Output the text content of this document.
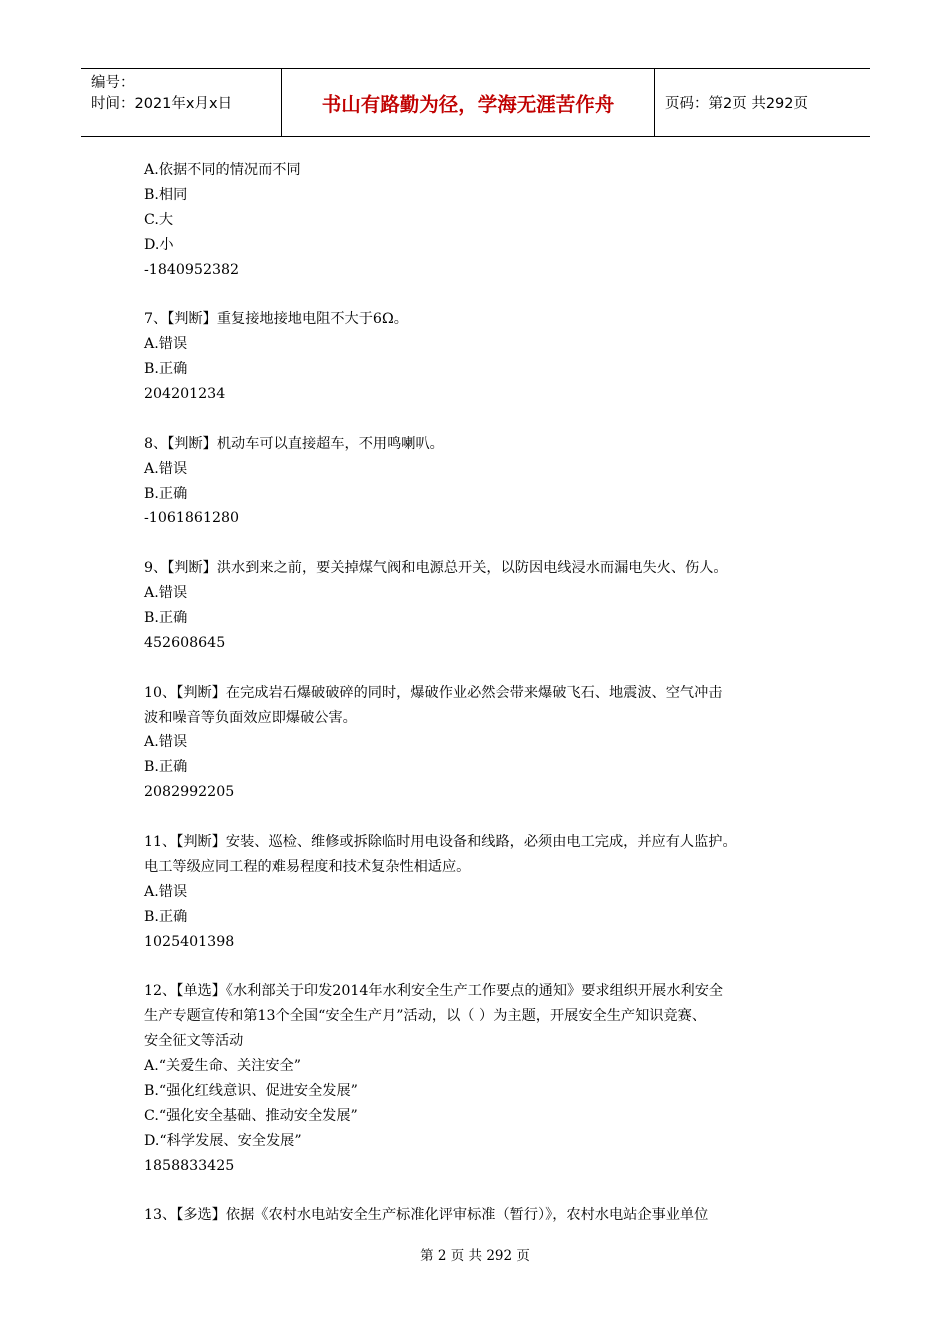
编号：
时间：2021年x月x日	书山有路勤为径，学海无涯苦作舟	页码：第2页 共292页
A.依据不同的情况而不同
B.相同
C.大
D.小
-1840952382
7、【判断】重复接地接地电阻不大于6Ω。
A.错误
B.正确
204201234
8、【判断】机动车可以直接超车，不用鸣喇叭。
A.错误
B.正确
-1061861280
9、【判断】洪水到来之前，要关掉煤气阀和电源总开关，以防因电线浸水而漏电失火、伤人。
A.错误
B.正确
452608645
10、【判断】在完成岩石爆破破碎的同时，爆破作业必然会带来爆破飞石、地震波、空气冲击
波和噪音等负面效应即爆破公害。
A.错误
B.正确
2082992205
11、【判断】安装、巡检、维修或拆除临时用电设备和线路，必须由电工完成，并应有人监护。
电工等级应同工程的难易程度和技术复杂性相适应。
A.错误
B.正确
1025401398
12、【单选】《水利部关于印发2014年水利安全生产工作要点的通知》要求组织开展水利安全
生产专题宣传和第13个全国“安全生产月”活动，以（ ）为主题，开展安全生产知识竞赛、
安全征文等活动
A.“关爱生命、关注安全”
B.“强化红线意识、促进安全发展”
C.“强化安全基础、推动安全发展”
D.“科学发展、安全发展”
1858833425
13、【多选】依据《农村水电站安全生产标准化评审标准（暂行）》，农村水电站企事业单位
第 2 页 共 292 页
